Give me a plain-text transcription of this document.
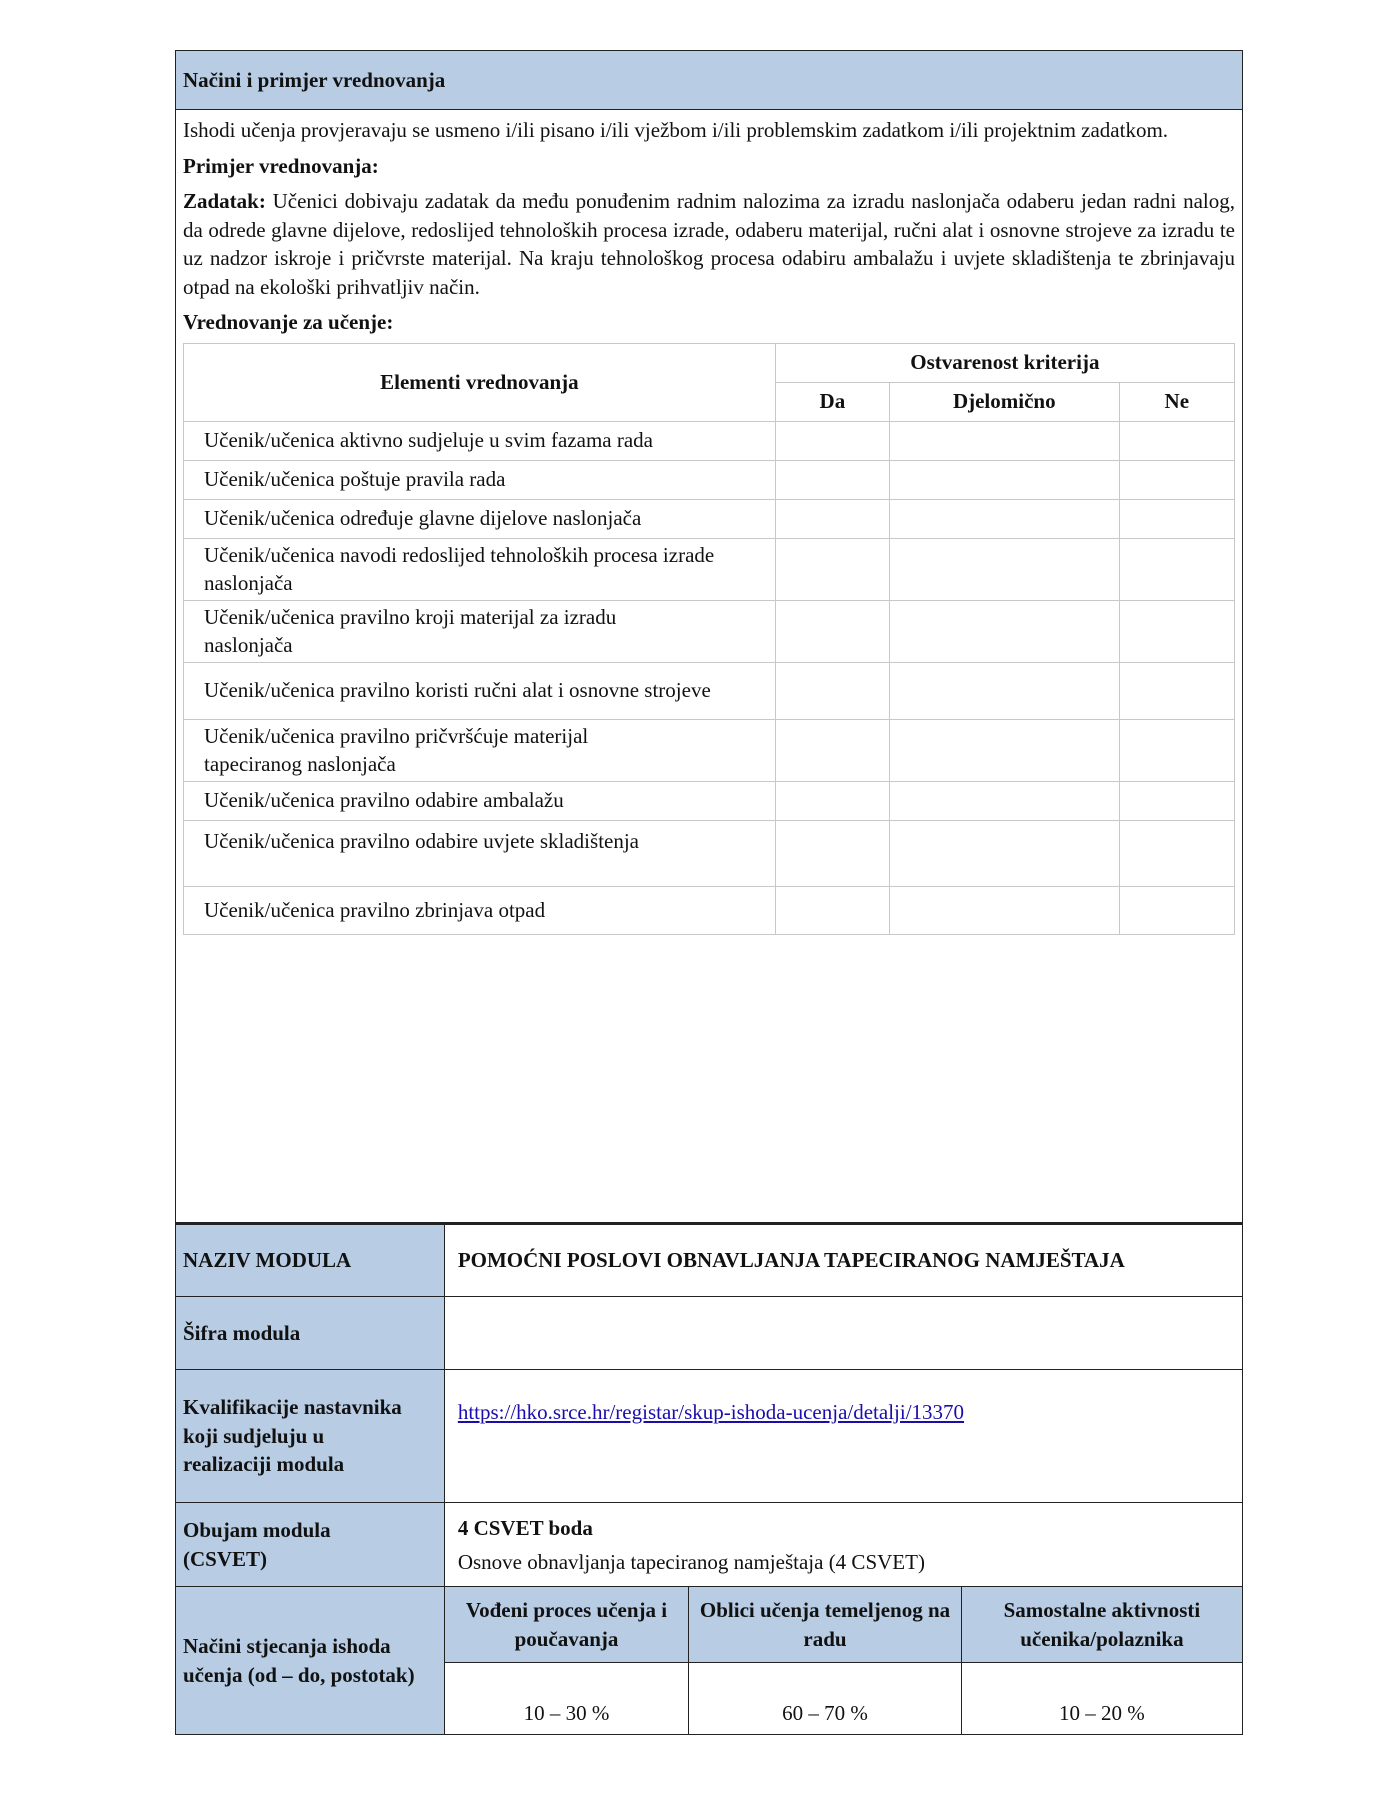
Načini i primjer vrednovanja

Ishodi učenja provjeravaju se usmeno i/ili pisano i/ili vježbom i/ili problemskim zadatkom i/ili projektnim zadatkom.

Primjer vrednovanja:

Zadatak: Učenici dobivaju zadatak da među ponuđenim radnim nalozima za izradu naslonjača odaberu jedan radni nalog, da odrede glavne dijelove, redoslijed tehnoloških procesa izrade, odaberu materijal, ručni alat i osnovne strojeve za izradu te uz nadzor iskroje i pričvrste materijal. Na kraju tehnološkog procesa odabiru ambalažu i uvjete skladištenja te zbrinjavaju otpad na ekološki prihvatljiv način.

Vrednovanje za učenje:

Elementi vrednovanja	Ostvarenost kriterija		
	Da	Djelomično	Ne
Učenik/učenica aktivno sudjeluje u svim fazama rada			
Učenik/učenica poštuje pravila rada			
Učenik/učenica određuje glavne dijelove naslonjača			
Učenik/učenica navodi redoslijed tehnoloških procesa izrade naslonjača			
Učenik/učenica pravilno kroji materijal za izradu naslonjača			
Učenik/učenica pravilno koristi ručni alat i osnovne strojeve			
Učenik/učenica pravilno pričvršćuje materijal tapeciranog naslonjača			
Učenik/učenica pravilno odabire ambalažu			
Učenik/učenica pravilno odabire uvjete skladištenja			
Učenik/učenica pravilno zbrinjava otpad			
NAZIV MODULA	POMOĆNI POSLOVI OBNAVLJANJA TAPECIRANOG NAMJEŠTAJA		
Šifra modula			
Kvalifikacije nastavnika koji sudjeluju u realizaciji modula	https://hko.srce.hr/registar/skup-ishoda-ucenja/detalji/13370		
Obujam modula (CSVET)	4 CSVET boda
Osnove obnavljanja tapeciranog namještaja (4 CSVET)		

Načini stjecanja ishoda učenja (od – do, postotak)	Vođeni proces učenja i poučavanja	Oblici učenja temeljenog na radu	Samostalne aktivnosti učenika/polaznika
	10 – 30 %	60 – 70 %	10 – 20 %
